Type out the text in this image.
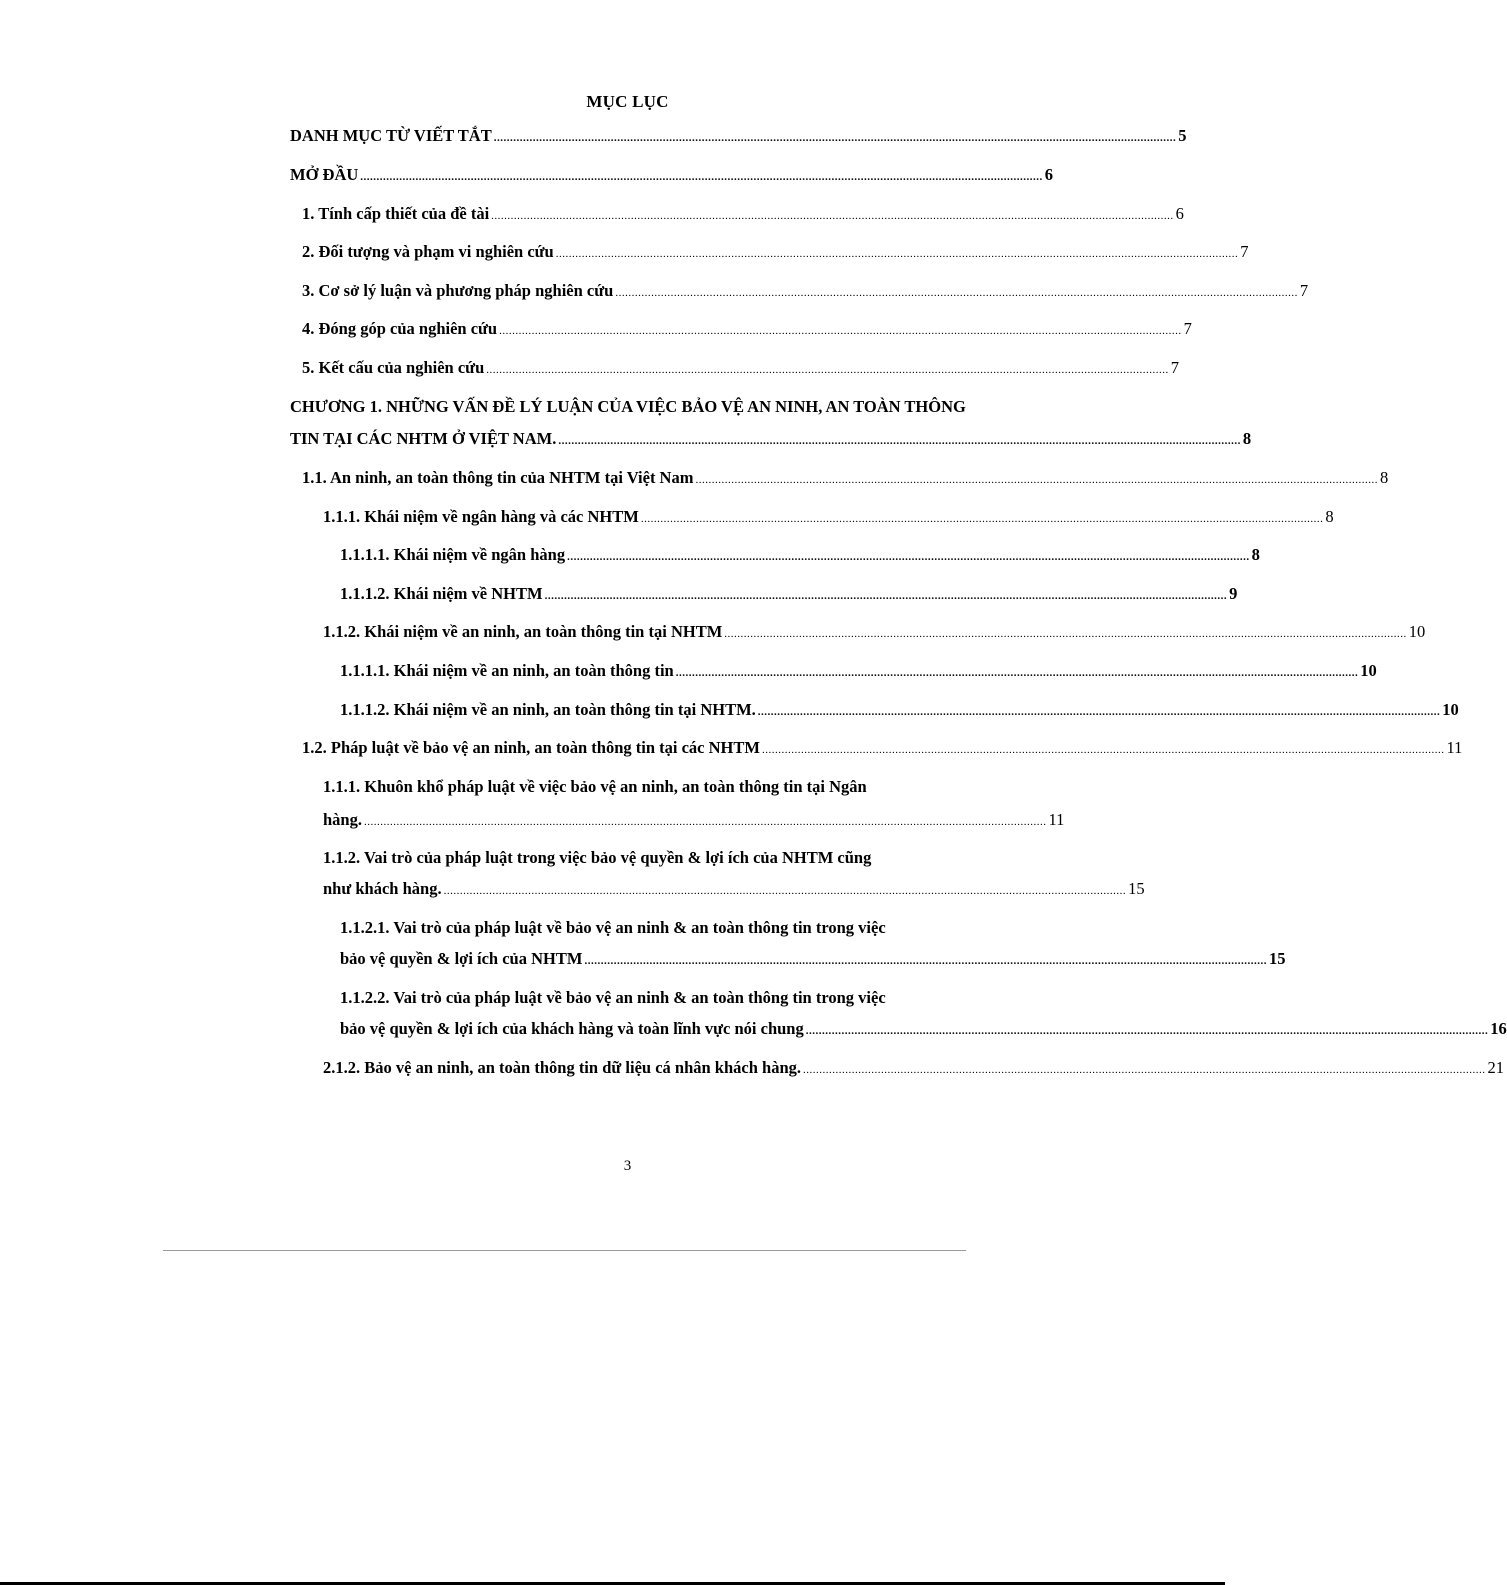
MỤC LỤC
DANH MỤC TỪ VIẾT TẮT .................................................................................................................................................................................................................. 5
MỞ ĐẦU .................................................................................................................................................................................................................. 6
1. Tính cấp thiết của đề tài .................................................................................................................................................................................................................. 6
2. Đối tượng và phạm vi nghiên cứu .................................................................................................................................................................................................................. 7
3. Cơ sở lý luận và phương pháp nghiên cứu .................................................................................................................................................................................................................. 7
4. Đóng góp của nghiên cứu .................................................................................................................................................................................................................. 7
5. Kết cấu của nghiên cứu .................................................................................................................................................................................................................. 7
CHƯƠNG 1. NHỮNG VẤN ĐỀ LÝ LUẬN CỦA VIỆC BẢO VỆ AN NINH, AN TOÀN THÔNG
TIN TẠI CÁC NHTM Ở VIỆT NAM. .................................................................................................................................................................................................................. 8
1.1. An ninh, an toàn thông tin của NHTM tại Việt Nam .................................................................................................................................................................................................................. 8
1.1.1. Khái niệm về ngân hàng và các NHTM .................................................................................................................................................................................................................. 8
1.1.1.1. Khái niệm về ngân hàng .................................................................................................................................................................................................................. 8
1.1.1.2. Khái niệm về NHTM .................................................................................................................................................................................................................. 9
1.1.2. Khái niệm về an ninh, an toàn thông tin tại NHTM .................................................................................................................................................................................................................. 10
1.1.1.1. Khái niệm về an ninh, an toàn thông tin .................................................................................................................................................................................................................. 10
1.1.1.2. Khái niệm về an ninh, an toàn thông tin tại NHTM. .................................................................................................................................................................................................................. 10
1.2. Pháp luật về bảo vệ an ninh, an toàn thông tin tại các NHTM .................................................................................................................................................................................................................. 11
1.1.1. Khuôn khổ pháp luật về việc bảo vệ an ninh, an toàn thông tin tại Ngân
hàng. .................................................................................................................................................................................................................. 11
1.1.2. Vai trò của pháp luật trong việc bảo vệ quyền & lợi ích của NHTM cũng
như khách hàng. .................................................................................................................................................................................................................. 15
1.1.2.1. Vai trò của pháp luật về bảo vệ an ninh & an toàn thông tin trong việc
bảo vệ quyền & lợi ích của NHTM .................................................................................................................................................................................................................. 15
1.1.2.2. Vai trò của pháp luật về bảo vệ an ninh & an toàn thông tin trong việc
bảo vệ quyền & lợi ích của khách hàng và toàn lĩnh vực nói chung .................................................................................................................................................................................................................. 16
2.1.2. Bảo vệ an ninh, an toàn thông tin dữ liệu cá nhân khách hàng. .................................................................................................................................................................................................................. 21
3
